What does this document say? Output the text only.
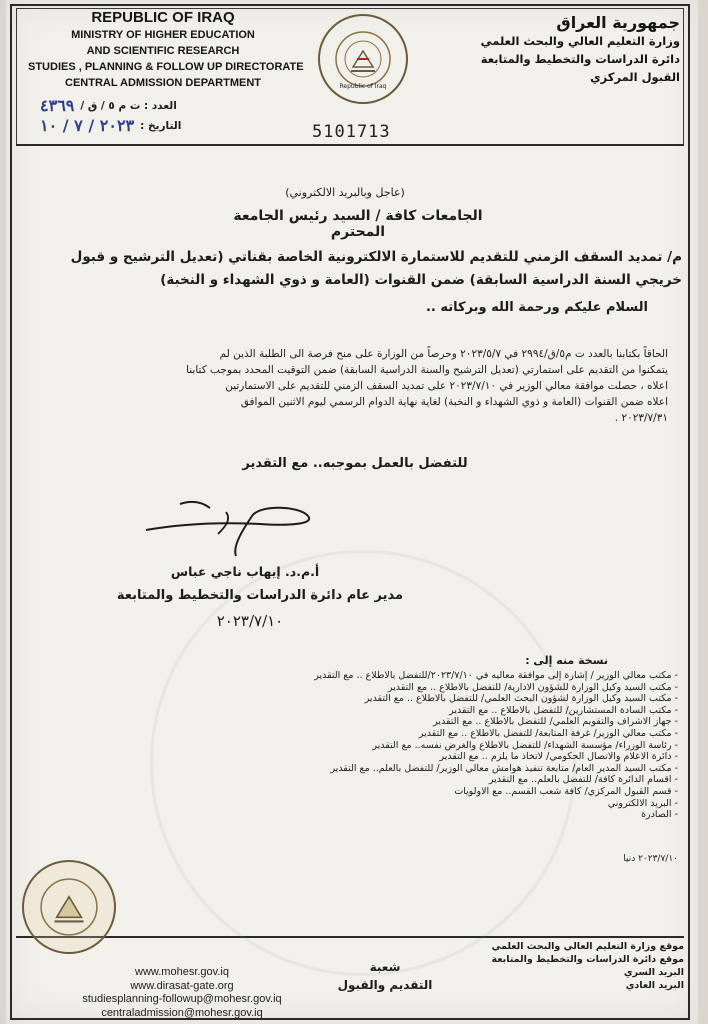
REPUBLIC OF IRAQ
MINISTRY OF HIGHER EDUCATION
AND SCIENTIFIC RESEARCH
STUDIES , PLANNING & FOLLOW UP DIRECTORATE
CENTRAL ADMISSION DEPARTMENT
العدد : ت م ٥ / ق /
٤٣٦٩
التاريخ :
٢٠٢٣ / ٧ / ١٠
Republic of Iraq
5101713
جمهورية العراق
وزارة التعليم العالي والبحث العلمي
دائرة الدراسات والتخطيط والمتابعة
القبول المركزي
(عاجل وبالبريد الالكتروني)
الجامعات كافة / السيد رئيس الجامعة المحترم
م/ تمديد السقف الزمني للتقديم للاستمارة الالكترونية الخاصة بقناتي (تعديل الترشيح و قبول
خريجي السنة الدراسية السابقة) ضمن القنوات (العامة و ذوي الشهداء و النخبة)
السلام عليكم ورحمة الله وبركاته ..
الحاقاً بكتابنا بالعدد ت م٥/ق/٢٩٩٤ في ٢٠٢٣/٥/٧ وحرصاً من الوزارة على منح فرصة الى الطلبة الذين لم
يتمكنوا من التقديم على استمارتي (تعديل الترشيح والسنة الدراسية السابقة) ضمن التوقيت المحدد بموجب كتابنا
اعلاه ، حصلت موافقة معالي الوزير في ٢٠٢٣/٧/١٠ على تمديد السقف الزمني للتقديم على الاستمارتين
اعلاه ضمن القنوات (العامة و ذوي الشهداء و النخبة) لغاية نهاية الدوام الرسمي ليوم الاثنين الموافق
٢٠٢٣/٧/٣١ .
للتفضل بالعمل بموجبه.. مع التقدير
أ.م.د. إيهاب ناجي عباس
مدير عام دائرة الدراسات والتخطيط والمتابعة
٢٠٢٣/٧/١٠
نسخة منه إلى :
- مكتب معالي الوزير / إشارة إلى موافقة معاليه في ٢٠٢٣/٧/١٠/للتفضل بالاطلاع .. مع التقدير
- مكتب السيد وكيل الوزارة للشؤون الادارية/ للتفضل بالاطلاع .. مع التقدير
- مكتب السيد وكيل الوزارة لشؤون البحث العلمي/ للتفضل بالاطلاع .. مع التقدير
- مكتب السادة المستشارين/ للتفضل بالاطلاع .. مع التقدير
- جهاز الاشراف والتقويم العلمي/ للتفضل بالاطلاع .. مع التقدير
- مكتب معالي الوزير/ غرفة المتابعة/ للتفضل بالاطلاع .. مع التقدير
- رئاسة الوزراء/ مؤسسة الشهداء/ للتفضل بالاطلاع والغرض نفسه.. مع التقدير
- دائرة الاعلام والاتصال الحكومي/ لاتخاذ ما يلزم .. مع التقدير
- مكتب السيد المدير العام/ متابعة تنفيذ هوامش معالي الوزير/ للتفضل بالعلم.. مع التقدير
- اقسام الدائرة كافة/ للتفضل بالعلم.. مع التقدير
- قسم القبول المركزي/ كافة شعب القسم.. مع الاولويات
- البريد الالكتروني
- الصادرة
٢٠٢٣/٧/١٠ دنيا
www.mohesr.gov.iq
www.dirasat-gate.org
studiesplanning-followup@mohesr.gov.iq
centraladmission@mohesr.gov.iq
شعبة
التقديم والقبول
موقع وزارة التعليم العالي والبحث العلمي
موقع دائرة الدراسات والتخطيط والمتابعة
البريد السري
البريد العادي
